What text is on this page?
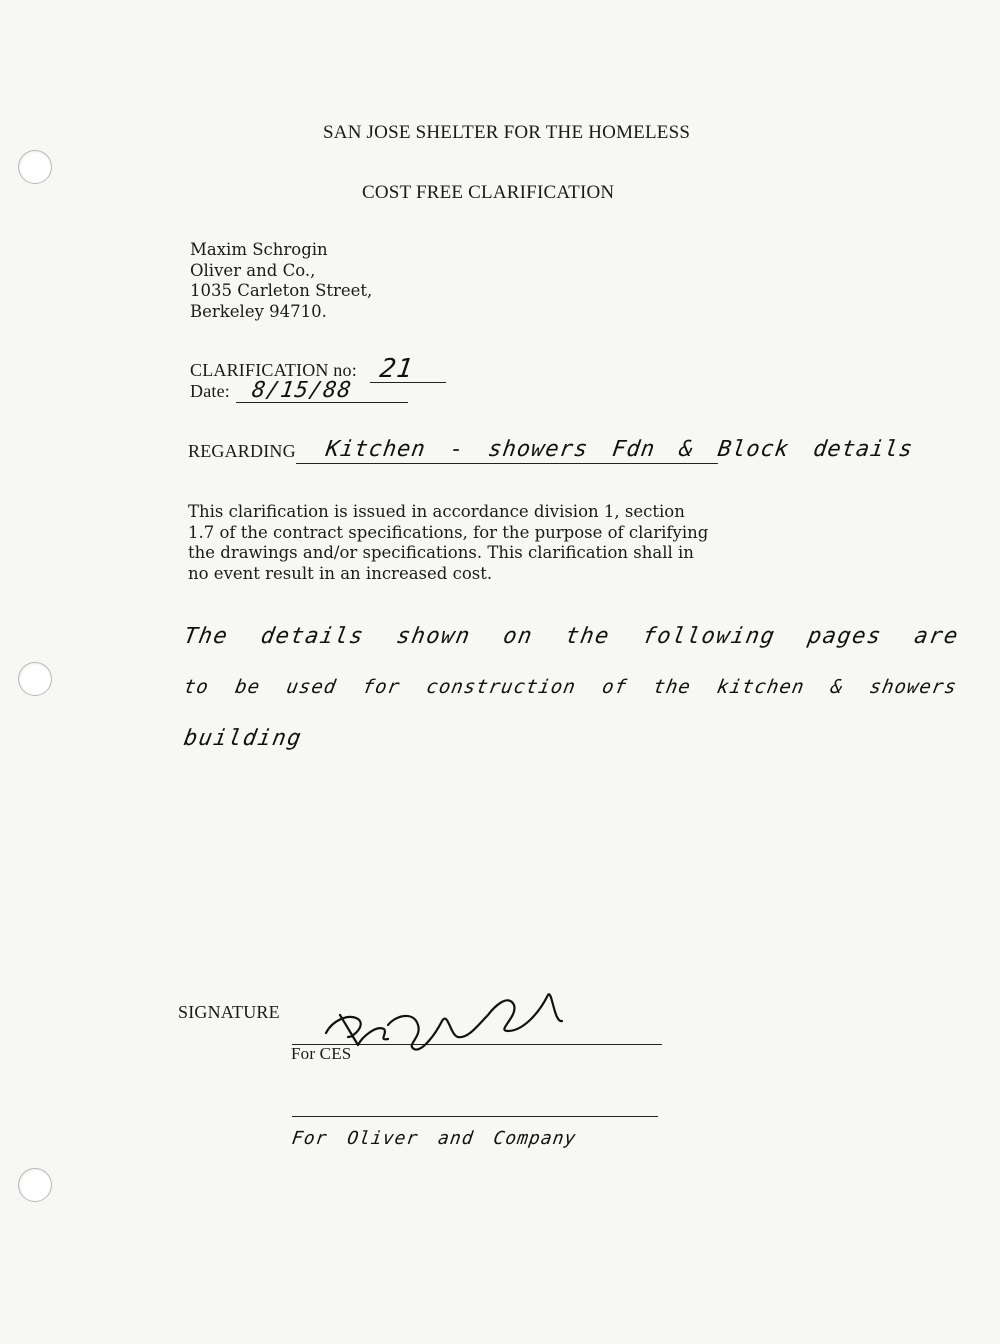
SAN JOSE SHELTER FOR THE HOMELESS
COST FREE CLARIFICATION
Maxim Schrogin
Oliver and Co.,
1035 Carleton Street,
Berkeley 94710.
CLARIFICATION no: 21
Date: 8/15/88
REGARDING Kitchen - showers Fdn & Block details
This clarification is issued in accordance division 1, section
1.7 of the contract specifications, for the purpose of clarifying
the drawings and/or specifications. This clarification shall in
no event result in an increased cost.
The details shown on the following pages are
to be used for construction of the kitchen & showers
building
SIGNATURE
For CES
For Oliver and Company
